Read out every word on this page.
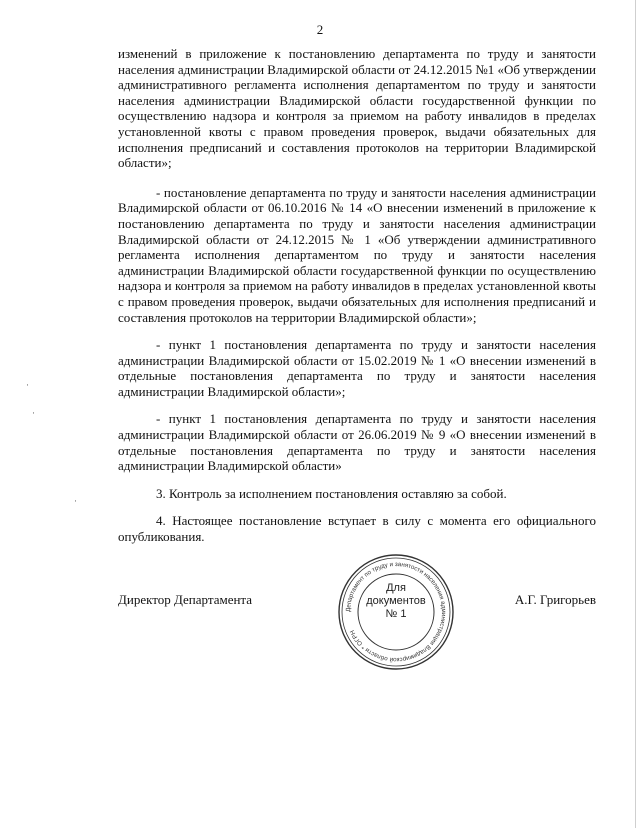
2

изменений в приложение к постановлению департамента по труду и занятости населения администрации Владимирской области от 24.12.2015 №1 «Об утверждении административного регламента исполнения департаментом по труду и занятости населения администрации Владимирской области государственной функции по осуществлению надзора и контроля за приемом на работу инвалидов в пределах установленной квоты с правом проведения проверок, выдачи обязательных для исполнения предписаний и составления протоколов на территории Владимирской области»;

- постановление департамента по труду и занятости населения администрации Владимирской области от 06.10.2016 № 14 «О внесении изменений в приложение к постановлению департамента по труду и занятости населения администрации Владимирской области от 24.12.2015 № 1 «Об утверждении административного регламента исполнения департаментом по труду и занятости населения администрации Владимирской области государственной функции по осуществлению надзора и контроля за приемом на работу инвалидов в пределах установленной квоты с правом проведения проверок, выдачи обязательных для исполнения предписаний и составления протоколов на территории Владимирской области»;

- пункт 1 постановления департамента по труду и занятости населения администрации Владимирской области от 15.02.2019 № 1 «О внесении изменений в отдельные постановления департамента по труду и занятости населения администрации Владимирской области»;

- пункт 1 постановления департамента по труду и занятости населения администрации Владимирской области от 26.06.2019 № 9 «О внесении изменений в отдельные постановления департамента по труду и занятости населения администрации Владимирской области»

3. Контроль за исполнением постановления оставляю за собой.

4. Настоящее постановление вступает в силу с момента его официального опубликования.

·
·
·
Директор Департамента	А.Г. Григорьев
Департамент по труду и занятости населения администрации Владимирской области * ОГРН
Для
документов
№ 1
